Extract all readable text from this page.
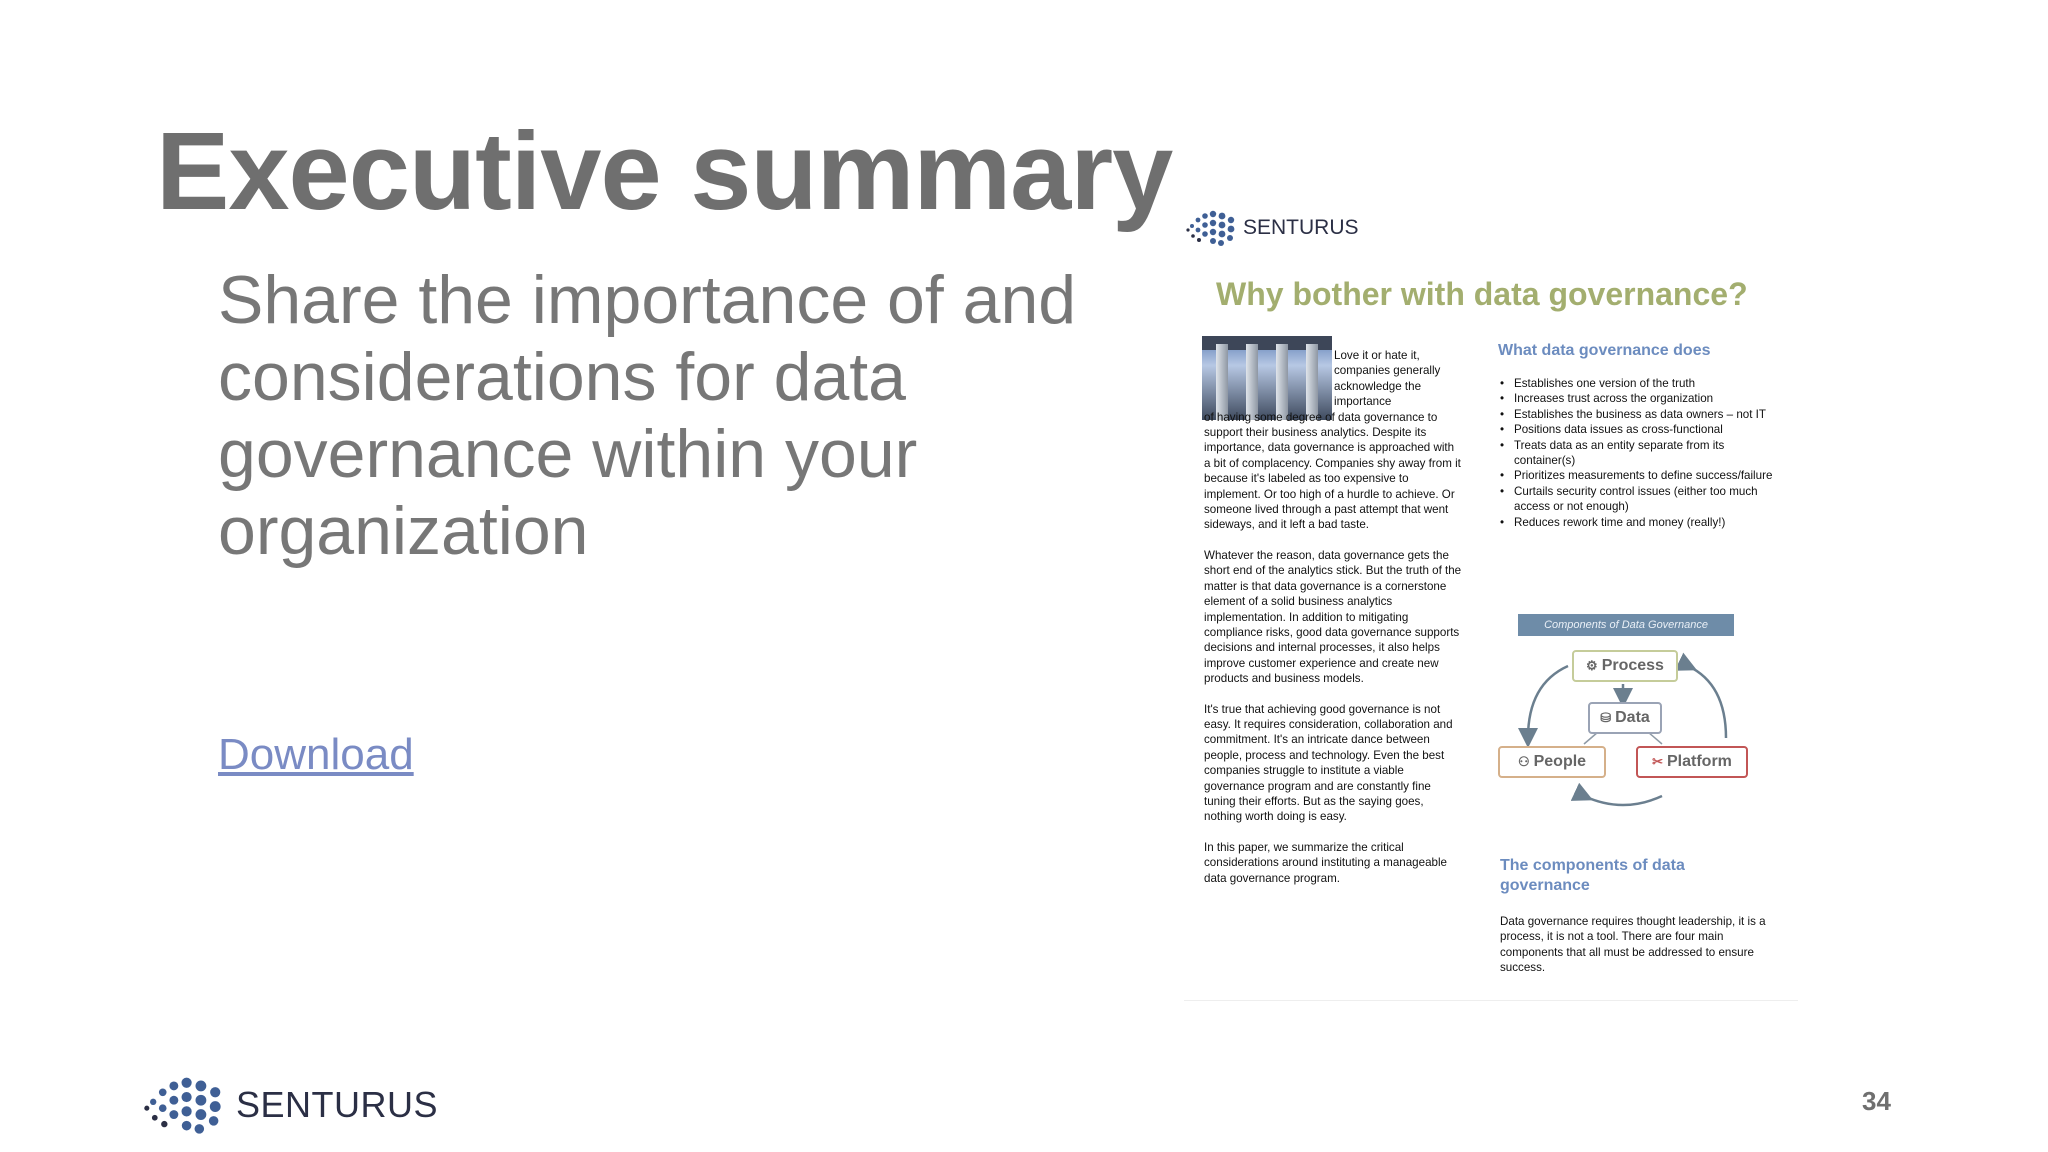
Executive summary
Share the importance of and considerations for data governance within your organization
Download
SENTURUS
Why bother with data governance?

Love it or hate it, companies generally acknowledge the importance

of having some degree of data governance to support their business analytics. Despite its importance, data governance is approached with a bit of complacency. Companies shy away from it because it's labeled as too expensive to implement. Or too high of a hurdle to achieve. Or someone lived through a past attempt that went sideways, and it left a bad taste.

Whatever the reason, data governance gets the short end of the analytics stick. But the truth of the matter is that data governance is a cornerstone element of a solid business analytics implementation. In addition to mitigating compliance risks, good data governance supports decisions and internal processes, it also helps improve customer experience and create new products and business models.

It's true that achieving good governance is not easy. It requires consideration, collaboration and commitment. It's an intricate dance between people, process and technology. Even the best companies struggle to institute a viable governance program and are constantly fine tuning their efforts. But as the saying goes, nothing worth doing is easy.

In this paper, we summarize the critical considerations around instituting a manageable data governance program.

What data governance does
• Establishes one version of the truth
• Increases trust across the organization
• Establishes the business as data owners – not IT
• Positions data issues as cross-functional
• Treats data as an entity separate from its container(s)
• Prioritizes measurements to define success/failure
• Curtails security control issues (either too much access or not enough)
• Reduces rework time and money (really!)
Components of Data Governance
⚙ Process
⛁ Data
⚇ People	✂ Platform
The components of data governance
Data governance requires thought leadership, it is a process, it is not a tool. There are four main components that all must be addressed to ensure success.
SENTURUS	34
